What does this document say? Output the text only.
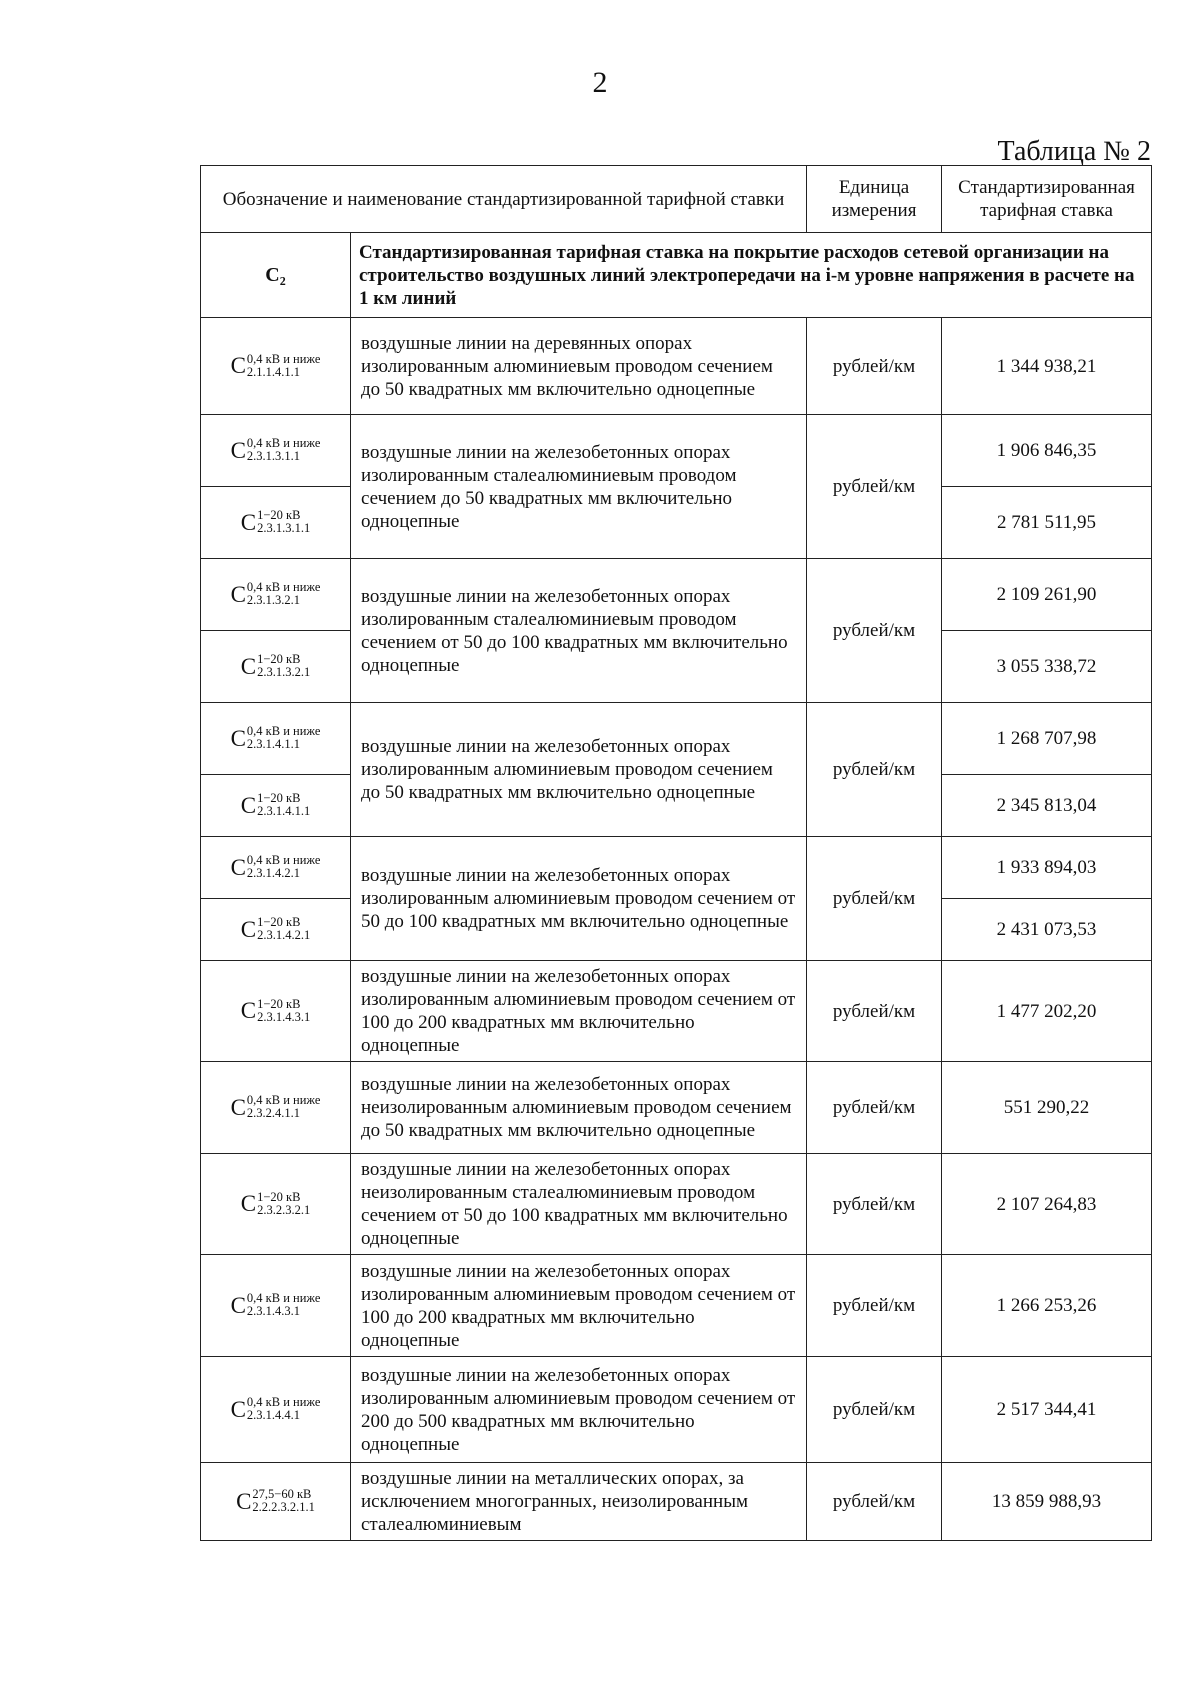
2
Таблица № 2
Обозначение и наименование стандартизированной тарифной ставки		Единица измерения	Стандартизированная тарифная ставка
C₂	Стандартизированная тарифная ставка на покрытие расходов сетевой организации на строительство воздушных линий электропередачи на i-м уровне напряжения в расчете на 1 км линий		

C 0,4 кВ и ниже
2.1.1.4.1.1	воздушные линии на деревянных опорах изолированным алюминиевым проводом сечением до 50 квадратных мм включительно одноцепные	рублей/км	1 344 938,21

C 0,4 кВ и ниже
2.3.1.3.1.1	воздушные линии на железобетонных опорах изолированным сталеалюминиевым проводом сечением до 50 квадратных мм включительно одноцепные	рублей/км	1 906 846,35

C 1−20 кВ
2.3.1.3.1.1			2 781 511,95

C 0,4 кВ и ниже
2.3.1.3.2.1	воздушные линии на железобетонных опорах изолированным сталеалюминиевым проводом сечением от 50 до 100 квадратных мм включительно одноцепные	рублей/км	2 109 261,90

C 1−20 кВ
2.3.1.3.2.1			3 055 338,72

C 0,4 кВ и ниже
2.3.1.4.1.1	воздушные линии на железобетонных опорах изолированным алюминиевым проводом сечением до 50 квадратных мм включительно одноцепные	рублей/км	1 268 707,98

C 1−20 кВ
2.3.1.4.1.1			2 345 813,04

C 0,4 кВ и ниже
2.3.1.4.2.1	воздушные линии на железобетонных опорах изолированным алюминиевым проводом сечением от 50 до 100 квадратных мм включительно одноцепные	рублей/км	1 933 894,03

C 1−20 кВ
2.3.1.4.2.1			2 431 073,53

C 1−20 кВ
2.3.1.4.3.1	воздушные линии на железобетонных опорах изолированным алюминиевым проводом сечением от 100 до 200 квадратных мм включительно одноцепные	рублей/км	1 477 202,20

C 0,4 кВ и ниже
2.3.2.4.1.1	воздушные линии на железобетонных опорах неизолированным алюминиевым проводом сечением до 50 квадратных мм включительно одноцепные	рублей/км	551 290,22

C 1−20 кВ
2.3.2.3.2.1	воздушные линии на железобетонных опорах неизолированным сталеалюминиевым проводом сечением от 50 до 100 квадратных мм включительно одноцепные	рублей/км	2 107 264,83

C 0,4 кВ и ниже
2.3.1.4.3.1	воздушные линии на железобетонных опорах изолированным алюминиевым проводом сечением от 100 до 200 квадратных мм включительно одноцепные	рублей/км	1 266 253,26

C 0,4 кВ и ниже
2.3.1.4.4.1	воздушные линии на железобетонных опорах изолированным алюминиевым проводом сечением от 200 до 500 квадратных мм включительно одноцепные	рублей/км	2 517 344,41

C 27,5−60 кВ
2.2.2.3.2.1.1	воздушные линии на металлических опорах, за исключением многогранных, неизолированным сталеалюминиевым	рублей/км	13 859 988,93
